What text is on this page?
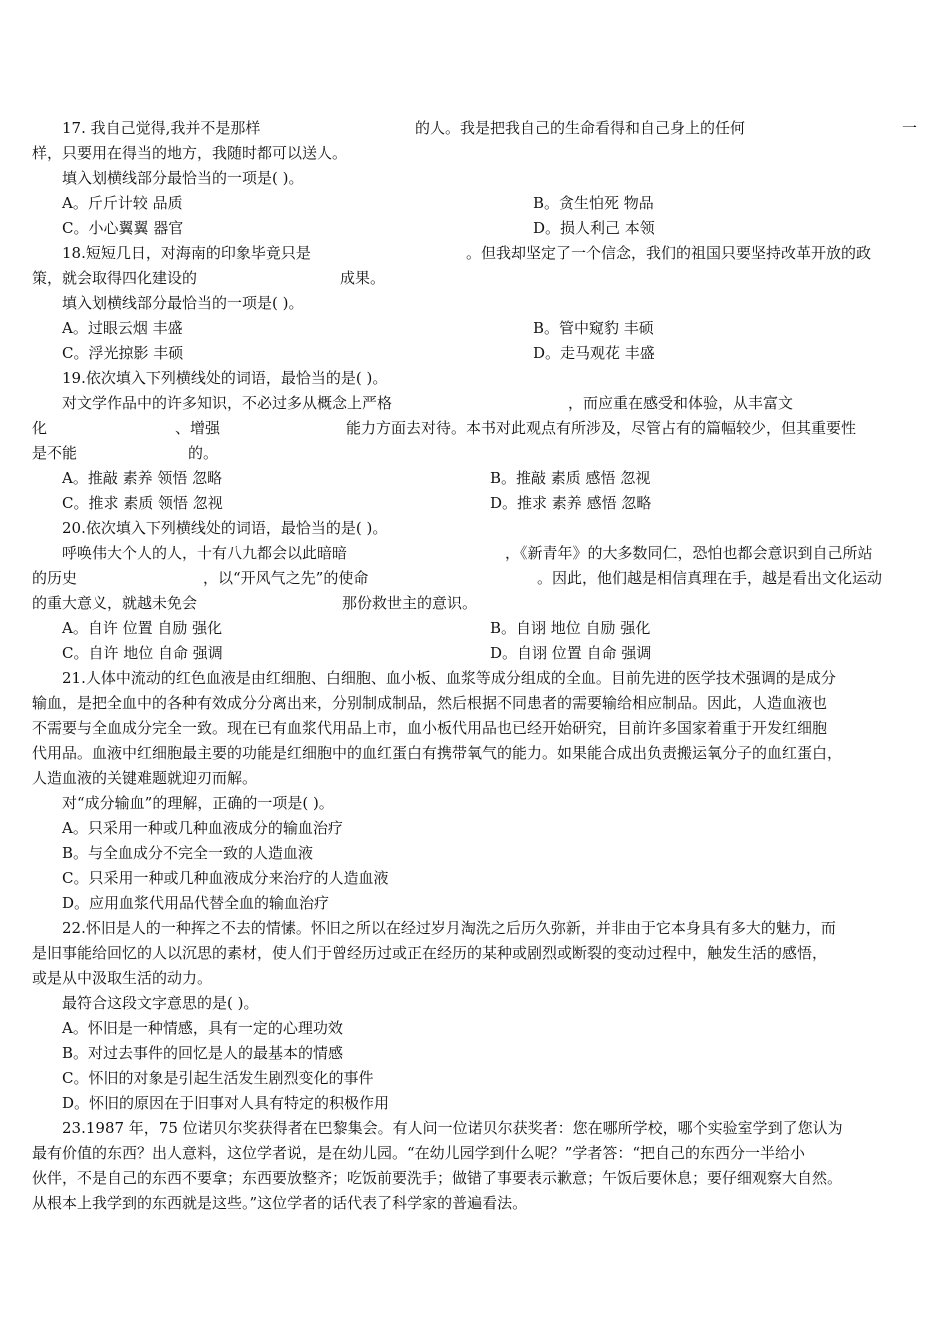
17. 我自己觉得,我并不是那样	的人。我是把我自己的生命看得和自己身上的任何	一
样，只要用在得当的地方，我随时都可以送人。
填入划横线部分最恰当的一项是( )。
A。斤斤计较 品质	B。贪生怕死 物品
C。小心翼翼 器官	D。损人利己 本领
18.短短几日，对海南的印象毕竟只是	。但我却坚定了一个信念，我们的祖国只要坚持改革开放的政
策，就会取得四化建设的	成果。
填入划横线部分最恰当的一项是( )。
A。过眼云烟 丰盛	B。管中窥豹 丰硕
C。浮光掠影 丰硕	D。走马观花 丰盛
19.依次填入下列横线处的词语，最恰当的是( )。
对文学作品中的许多知识，不必过多从概念上严格	，而应重在感受和体验，从丰富文
化	、增强	能力方面去对待。本书对此观点有所涉及，尽管占有的篇幅较少，但其重要性
是不能	的。
A。推敲 素养 领悟 忽略	B。推敲 素质 感悟 忽视
C。推求 素质 领悟 忽视	D。推求 素养 感悟 忽略
20.依次填入下列横线处的词语，最恰当的是( )。
呼唤伟大个人的人，十有八九都会以此暗暗	，《新青年》的大多数同仁，恐怕也都会意识到自己所站
的历史	，以“开风气之先”的使命	。因此，他们越是相信真理在手，越是看出文化运动
的重大意义，就越未免会	那份救世主的意识。
A。自许 位置 自励 强化	B。自诩 地位 自励 强化
C。自许 地位 自命 强调	D。自诩 位置 自命 强调
21.人体中流动的红色血液是由红细胞、白细胞、血小板、血浆等成分组成的全血。目前先进的医学技术强调的是成分
输血，是把全血中的各种有效成分分离出来，分别制成制品，然后根据不同患者的需要输给相应制品。因此，人造血液也
不需要与全血成分完全一致。现在已有血浆代用品上市，血小板代用品也已经开始研究，目前许多国家着重于开发红细胞
代用品。血液中红细胞最主要的功能是红细胞中的血红蛋白有携带氧气的能力。如果能合成出负责搬运氧分子的血红蛋白，
人造血液的关键难题就迎刃而解。
对“成分输血”的理解，正确的一项是( )。
A。只采用一种或几种血液成分的输血治疗
B。与全血成分不完全一致的人造血液
C。只采用一种或几种血液成分来治疗的人造血液
D。应用血浆代用品代替全血的输血治疗
22.怀旧是人的一种挥之不去的情愫。怀旧之所以在经过岁月淘洗之后历久弥新，并非由于它本身具有多大的魅力，而
是旧事能给回忆的人以沉思的素材，使人们于曾经历过或正在经历的某种或剧烈或断裂的变动过程中，触发生活的感悟，
或是从中汲取生活的动力。
最符合这段文字意思的是( )。
A。怀旧是一种情感，具有一定的心理功效
B。对过去事件的回忆是人的最基本的情感
C。怀旧的对象是引起生活发生剧烈变化的事件
D。怀旧的原因在于旧事对人具有特定的积极作用
23.1987 年，75 位诺贝尔奖获得者在巴黎集会。有人问一位诺贝尔获奖者：您在哪所学校，哪个实验室学到了您认为
最有价值的东西？出人意料，这位学者说，是在幼儿园。“在幼儿园学到什么呢？”学者答：“把自己的东西分一半给小
伙伴，不是自己的东西不要拿；东西要放整齐；吃饭前要洗手；做错了事要表示歉意；午饭后要休息；要仔细观察大自然。
从根本上我学到的东西就是这些。”这位学者的话代表了科学家的普遍看法。
